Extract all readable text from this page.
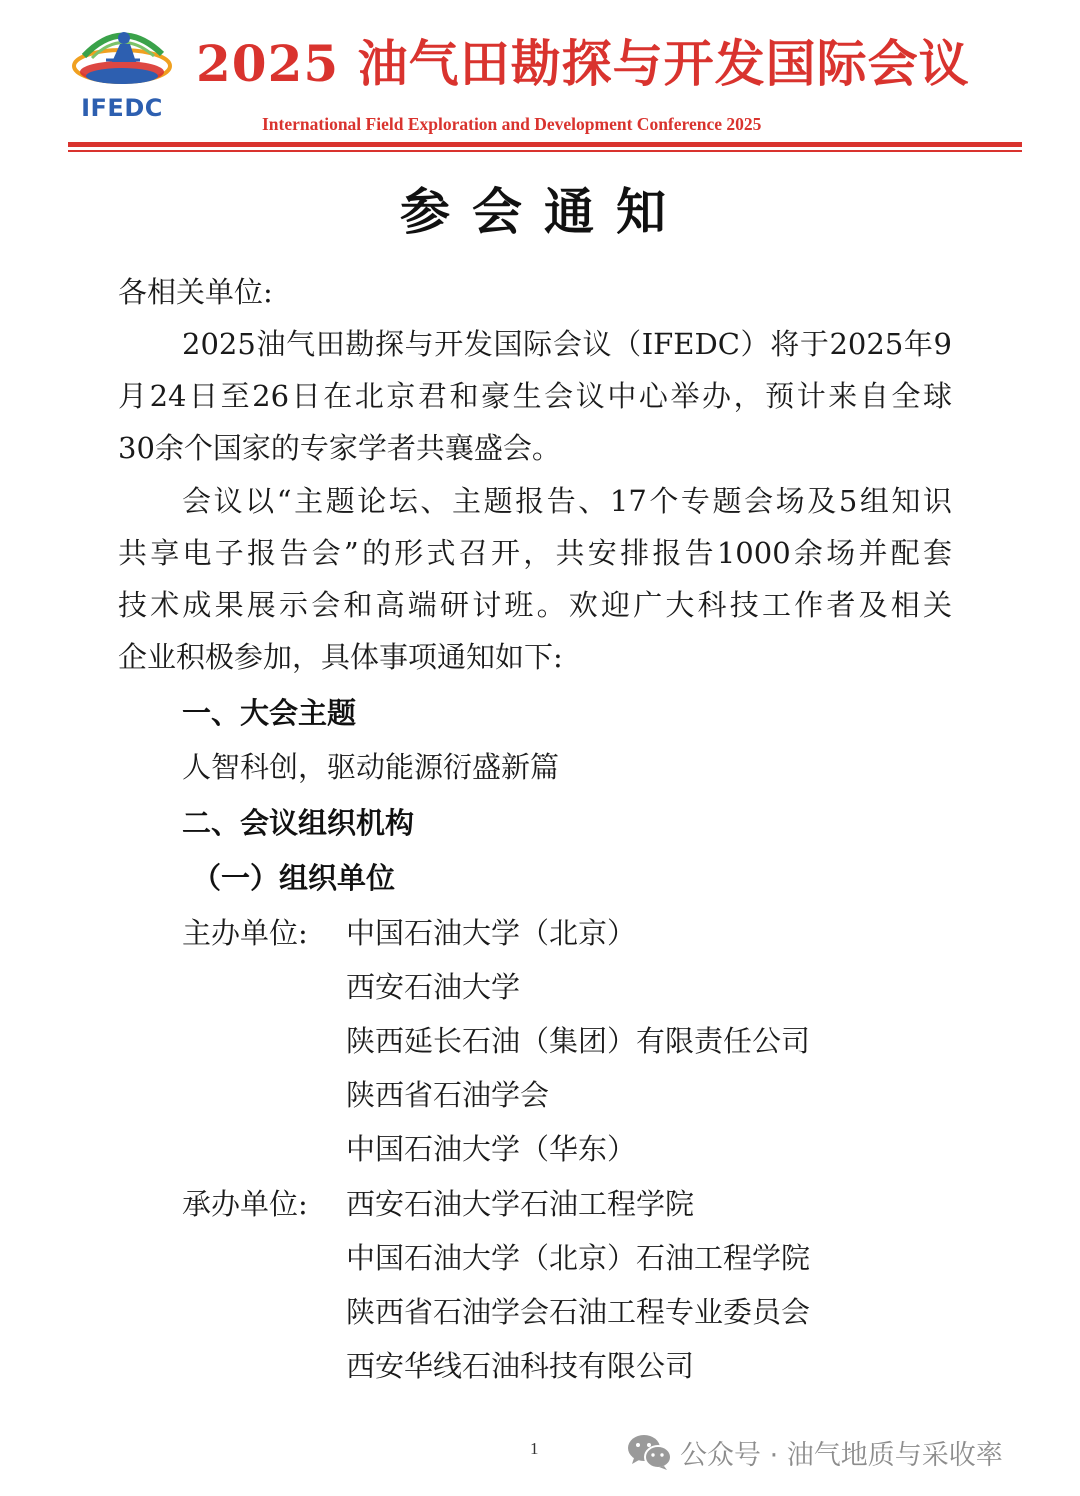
IFEDC
2025 油气田勘探与开发国际会议
International Field Exploration and Development Conference 2025
参会通知
各相关单位:
2025油气田勘探与开发国际会议（IFEDC）将于2025年9
月24日至26日在北京君和豪生会议中心举办，预计来自全球
30余个国家的专家学者共襄盛会。
会议以“主题论坛、主题报告、17个专题会场及5组知识
共享电子报告会”的形式召开，共安排报告1000余场并配套
技术成果展示会和高端研讨班。欢迎广大科技工作者及相关
企业积极参加，具体事项通知如下:
一、大会主题
人智科创，驱动能源衍盛新篇
二、会议组织机构
（一）组织单位
主办单位: 中国石油大学（北京）
西安石油大学
陕西延长石油（集团）有限责任公司
陕西省石油学会
中国石油大学（华东）
承办单位: 西安石油大学石油工程学院
中国石油大学（北京）石油工程学院
陕西省石油学会石油工程专业委员会
西安华线石油科技有限公司
1	公众号 · 油气地质与采收率
